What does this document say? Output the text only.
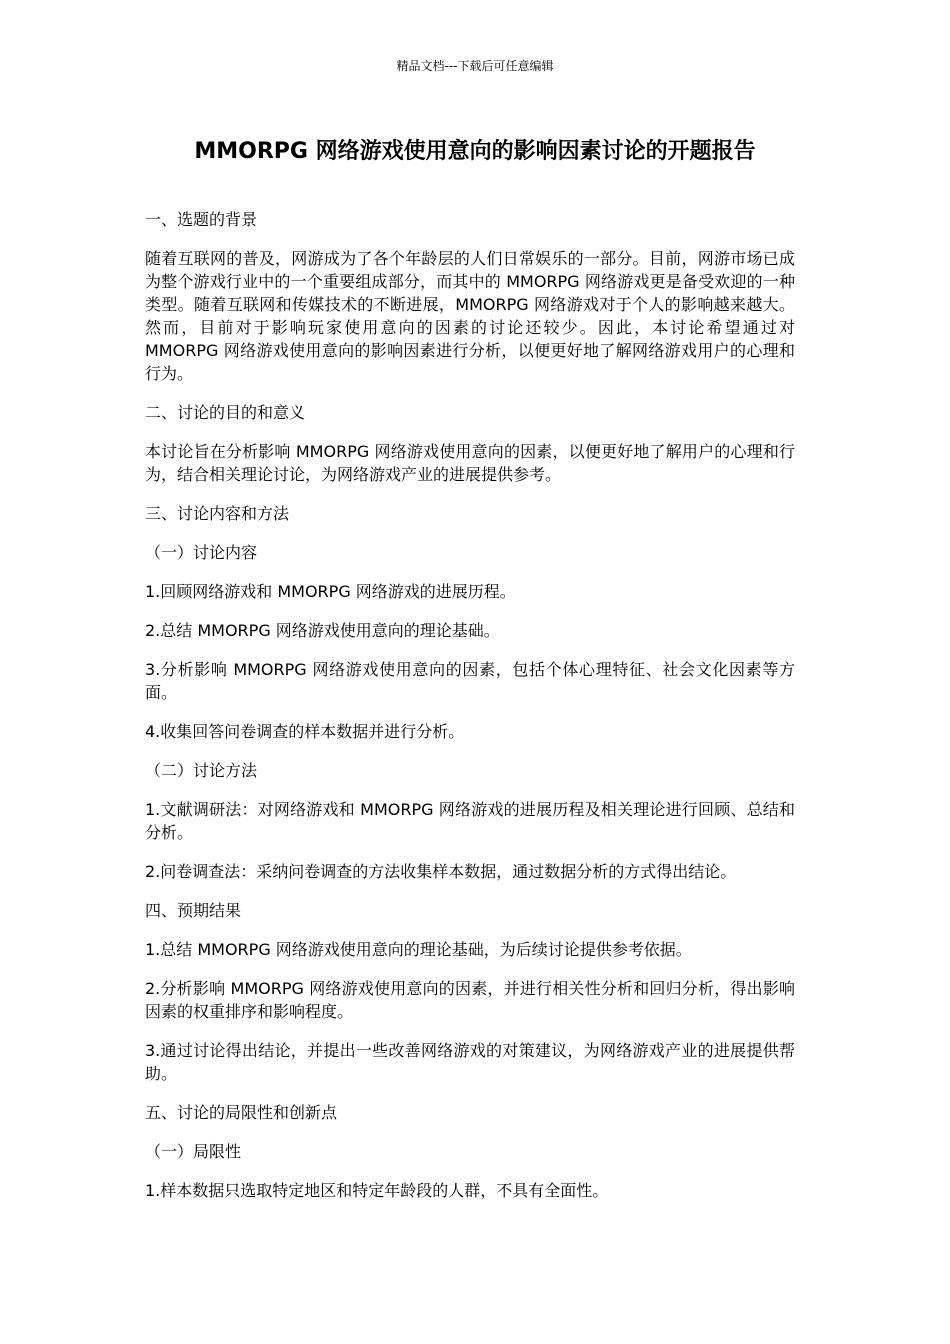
精品文档---下载后可任意编辑
MMORPG 网络游戏使用意向的影响因素讨论的开题报告

一、选题的背景

随着互联网的普及，网游成为了各个年龄层的人们日常娱乐的一部分。目前，网游市场已成为整个游戏行业中的一个重要组成部分，而其中的 MMORPG 网络游戏更是备受欢迎的一种类型。随着互联网和传媒技术的不断进展，MMORPG 网络游戏对于个人的影响越来越大。然而，目前对于影响玩家使用意向的因素的讨论还较少。因此，本讨论希望通过对 MMORPG 网络游戏使用意向的影响因素进行分析，以便更好地了解网络游戏用户的心理和行为。

二、讨论的目的和意义

本讨论旨在分析影响 MMORPG 网络游戏使用意向的因素，以便更好地了解用户的心理和行为，结合相关理论讨论，为网络游戏产业的进展提供参考。

三、讨论内容和方法

（一）讨论内容

1.回顾网络游戏和 MMORPG 网络游戏的进展历程。

2.总结 MMORPG 网络游戏使用意向的理论基础。

3.分析影响 MMORPG 网络游戏使用意向的因素，包括个体心理特征、社会文化因素等方面。

4.收集回答问卷调查的样本数据并进行分析。

（二）讨论方法

1.文献调研法：对网络游戏和 MMORPG 网络游戏的进展历程及相关理论进行回顾、总结和分析。

2.问卷调查法：采纳问卷调查的方法收集样本数据，通过数据分析的方式得出结论。

四、预期结果

1.总结 MMORPG 网络游戏使用意向的理论基础，为后续讨论提供参考依据。

2.分析影响 MMORPG 网络游戏使用意向的因素，并进行相关性分析和回归分析，得出影响因素的权重排序和影响程度。

3.通过讨论得出结论，并提出一些改善网络游戏的对策建议，为网络游戏产业的进展提供帮助。

五、讨论的局限性和创新点

（一）局限性

1.样本数据只选取特定地区和特定年龄段的人群，不具有全面性。
